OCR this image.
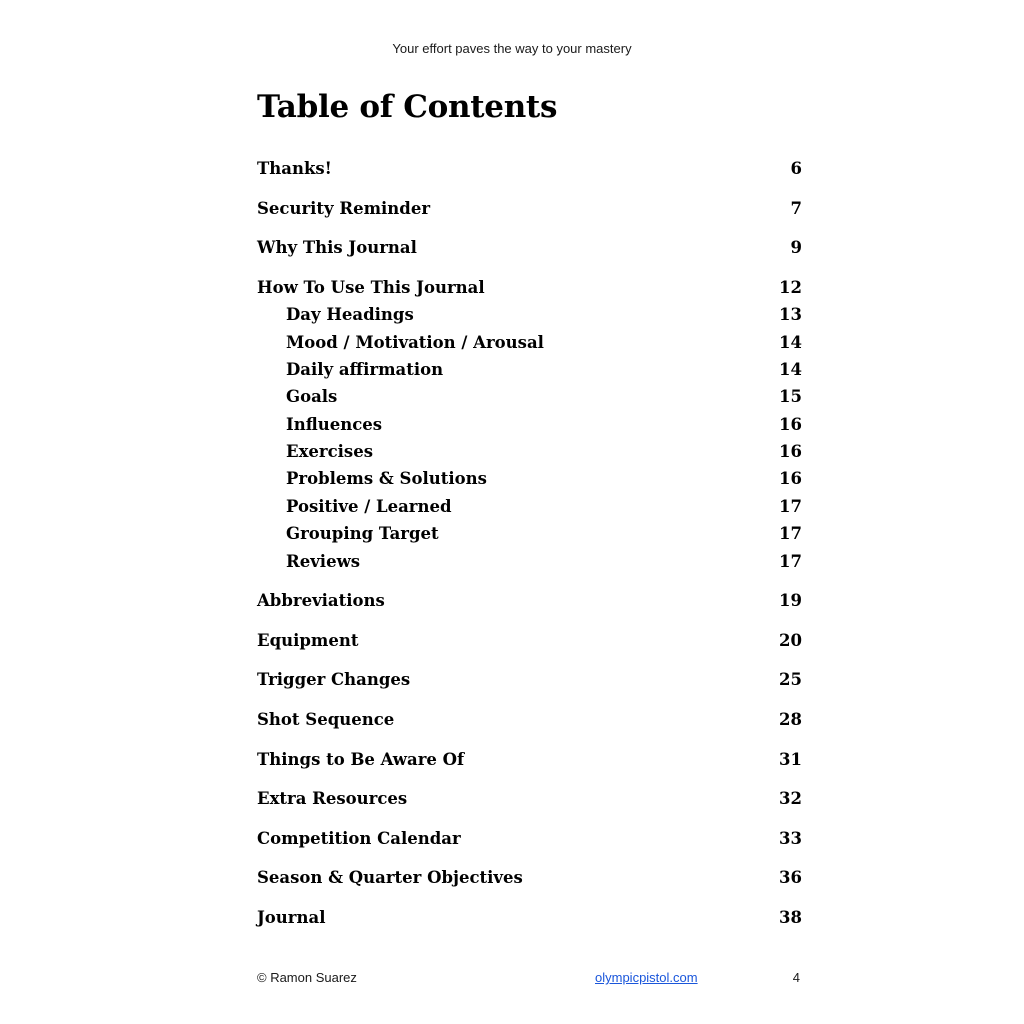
Your effort paves the way to your mastery
Table of Contents
Thanks!	6
Security Reminder	7
Why This Journal	9
How To Use This Journal	12
Day Headings	13
Mood / Motivation / Arousal	14
Daily affirmation	14
Goals	15
Influences	16
Exercises	16
Problems & Solutions	16
Positive / Learned	17
Grouping Target	17
Reviews	17
Abbreviations	19
Equipment	20
Trigger Changes	25
Shot Sequence	28
Things to Be Aware Of	31
Extra Resources	32
Competition Calendar	33
Season & Quarter Objectives	36
Journal	38
© Ramon Suarez	olympicpistol.com	4
